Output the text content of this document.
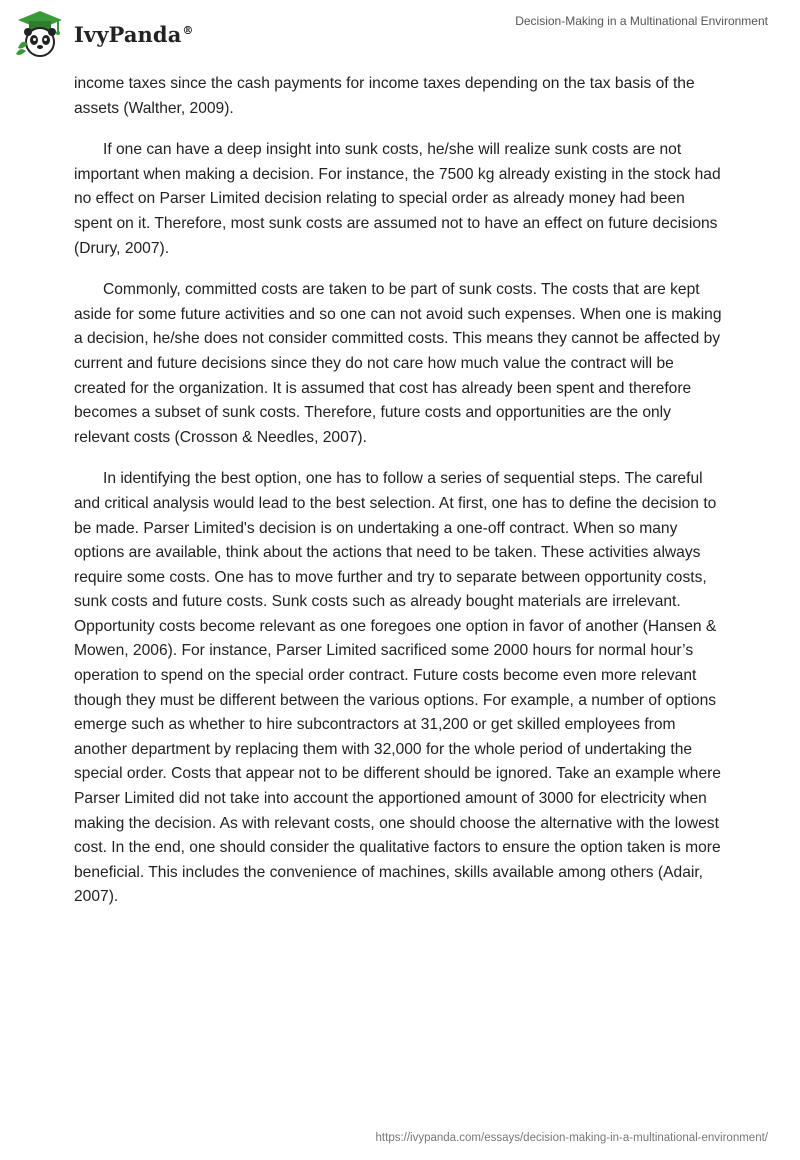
IvyPanda®
Decision-Making in a Multinational Environment

income taxes since the cash payments for income taxes depending on the tax basis of the assets (Walther, 2009).

If one can have a deep insight into sunk costs, he/she will realize sunk costs are not important when making a decision. For instance, the 7500 kg already existing in the stock had no effect on Parser Limited decision relating to special order as already money had been spent on it. Therefore, most sunk costs are assumed not to have an effect on future decisions (Drury, 2007).

Commonly, committed costs are taken to be part of sunk costs. The costs that are kept aside for some future activities and so one can not avoid such expenses. When one is making a decision, he/she does not consider committed costs. This means they cannot be affected by current and future decisions since they do not care how much value the contract will be created for the organization. It is assumed that cost has already been spent and therefore becomes a subset of sunk costs. Therefore, future costs and opportunities are the only relevant costs (Crosson & Needles, 2007).

In identifying the best option, one has to follow a series of sequential steps. The careful and critical analysis would lead to the best selection. At first, one has to define the decision to be made. Parser Limited's decision is on undertaking a one-off contract. When so many options are available, think about the actions that need to be taken. These activities always require some costs. One has to move further and try to separate between opportunity costs, sunk costs and future costs. Sunk costs such as already bought materials are irrelevant. Opportunity costs become relevant as one foregoes one option in favor of another (Hansen & Mowen, 2006). For instance, Parser Limited sacrificed some 2000 hours for normal hour’s operation to spend on the special order contract. Future costs become even more relevant though they must be different between the various options. For example, a number of options emerge such as whether to hire subcontractors at 31,200 or get skilled employees from another department by replacing them with 32,000 for the whole period of undertaking the special order. Costs that appear not to be different should be ignored. Take an example where Parser Limited did not take into account the apportioned amount of 3000 for electricity when making the decision. As with relevant costs, one should choose the alternative with the lowest cost. In the end, one should consider the qualitative factors to ensure the option taken is more beneficial. This includes the convenience of machines, skills available among others (Adair, 2007).

https://ivypanda.com/essays/decision-making-in-a-multinational-environment/
